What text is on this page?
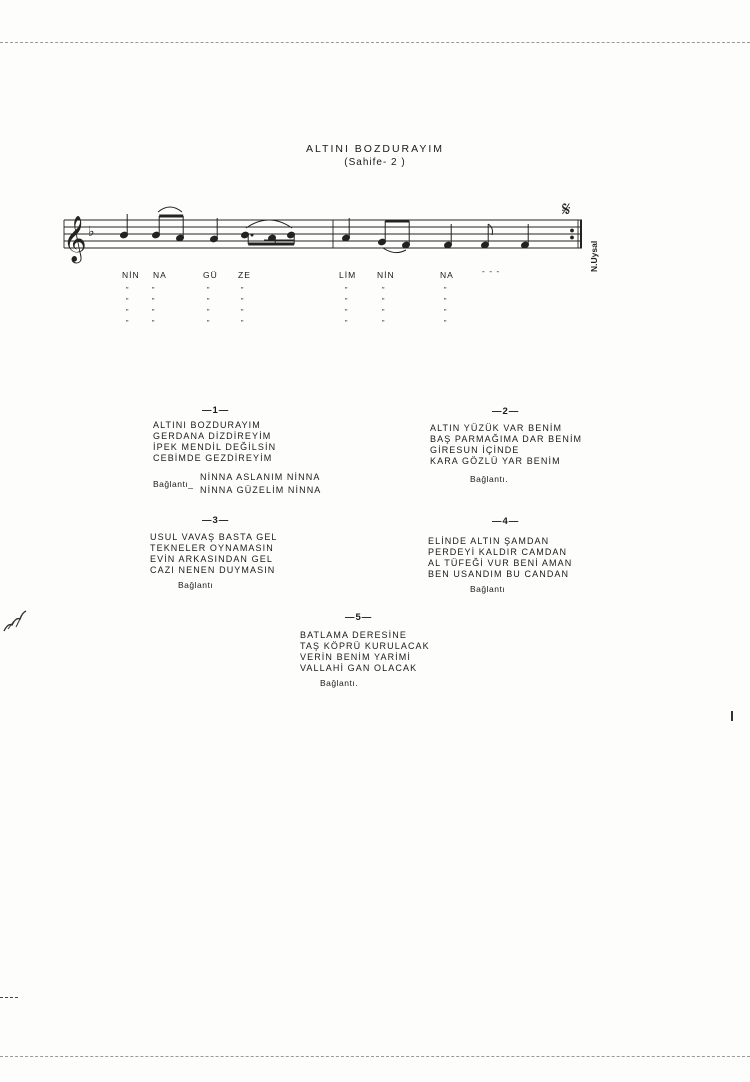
ALTINI BOZDURAYIM
(Sahife- 2 )
𝄞 ♭
𝄋
N.Uysal
NİN NA	GÜ ZE	LİM NİN	NA	- - -
"
"
"
"
"
"
"
"
"
"
"
"
"
"
"
"
"
"
"
"
"
"
"
"
"
"
"
"
—1—
ALTINI BOZDURAYIM
GERDANA DİZDİREYİM
İPEK MENDİL DEĞİLSİN
CEBİMDE GEZDİREYİM
Bağlantı_
NİNNA ASLANIM NİNNA
NİNNA GÜZELİM NİNNA
—2—
ALTIN YÜZÜK VAR BENİM
BAŞ PARMAĞIMA DAR BENİM
GİRESUN İÇİNDE
KARA GÖZLÜ YAR BENİM
Bağlantı.
—3—
USUL VAVAŞ BASTA GEL
TEKNELER OYNAMASIN
EVİN ARKASINDAN GEL
CAZI NENEN DUYMASIN
Bağlantı
—4—
ELİNDE ALTIN ŞAMDAN
PERDEYİ KALDIR CAMDAN
AL TÜFEĞİ VUR BENİ AMAN
BEN USANDIM BU CANDAN
Bağlantı
—5—
BATLAMA DERESİNE
TAŞ KÖPRÜ KURULACAK
VERİN BENİM YARİMİ
VALLAHİ GAN OLACAK
Bağlantı.
